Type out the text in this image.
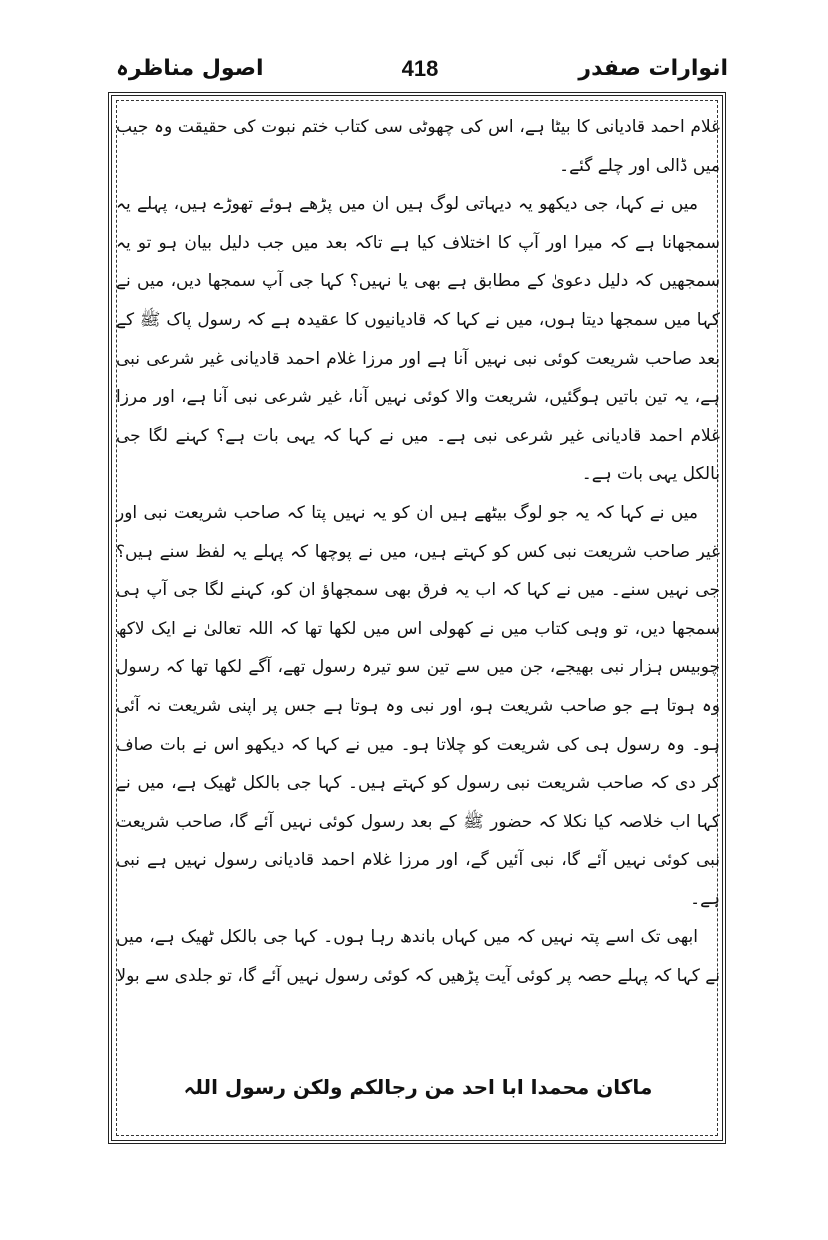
انوارات صفدر
418
اصول مناظرہ

غلام احمد قادیانی کا بیٹا ہے، اس کی چھوٹی سی کتاب ختم نبوت کی حقیقت وہ جیب میں ڈالی اور چلے گئے۔

میں نے کہا، جی دیکھو یہ دیہاتی لوگ ہیں ان میں پڑھے ہوئے تھوڑے ہیں، پہلے یہ سمجھانا ہے کہ میرا اور آپ کا اختلاف کیا ہے تاکہ بعد میں جب دلیل بیان ہو تو یہ سمجھیں کہ دلیل دعویٰ کے مطابق ہے بھی یا نہیں؟ کہا جی آپ سمجھا دیں، میں نے کہا میں سمجھا دیتا ہوں، میں نے کہا کہ قادیانیوں کا عقیدہ ہے کہ رسول پاک ﷺ کے بعد صاحب شریعت کوئی نبی نہیں آنا ہے اور مرزا غلام احمد قادیانی غیر شرعی نبی ہے، یہ تین باتیں ہوگئیں، شریعت والا کوئی نہیں آنا، غیر شرعی نبی آنا ہے، اور مرزا غلام احمد قادیانی غیر شرعی نبی ہے۔ میں نے کہا کہ یہی بات ہے؟ کہنے لگا جی بالکل یہی بات ہے۔

میں نے کہا کہ یہ جو لوگ بیٹھے ہیں ان کو یہ نہیں پتا کہ صاحب شریعت نبی اور غیر صاحب شریعت نبی کس کو کہتے ہیں، میں نے پوچھا کہ پہلے یہ لفظ سنے ہیں؟ جی نہیں سنے۔ میں نے کہا کہ اب یہ فرق بھی سمجھاؤ ان کو، کہنے لگا جی آپ ہی سمجھا دیں، تو وہی کتاب میں نے کھولی اس میں لکھا تھا کہ اللہ تعالیٰ نے ایک لاکھ چوبیس ہزار نبی بھیجے، جن میں سے تین سو تیرہ رسول تھے، آگے لکھا تھا کہ رسول وہ ہوتا ہے جو صاحب شریعت ہو، اور نبی وہ ہوتا ہے جس پر اپنی شریعت نہ آئی ہو۔ وہ رسول ہی کی شریعت کو چلاتا ہو۔ میں نے کہا کہ دیکھو اس نے بات صاف کر دی کہ صاحب شریعت نبی رسول کو کہتے ہیں۔ کہا جی بالکل ٹھیک ہے، میں نے کہا اب خلاصہ کیا نکلا کہ حضور ﷺ کے بعد رسول کوئی نہیں آئے گا، صاحب شریعت نبی کوئی نہیں آئے گا، نبی آئیں گے، اور مرزا غلام احمد قادیانی رسول نہیں ہے نبی ہے۔

ابھی تک اسے پتہ نہیں کہ میں کہاں باندھ رہا ہوں۔ کہا جی بالکل ٹھیک ہے، میں نے کہا کہ پہلے حصہ پر کوئی آیت پڑھیں کہ کوئی رسول نہیں آئے گا، تو جلدی سے بولا

ماکان محمدا ابا احد من رجالکم ولکن رسول اللہ
